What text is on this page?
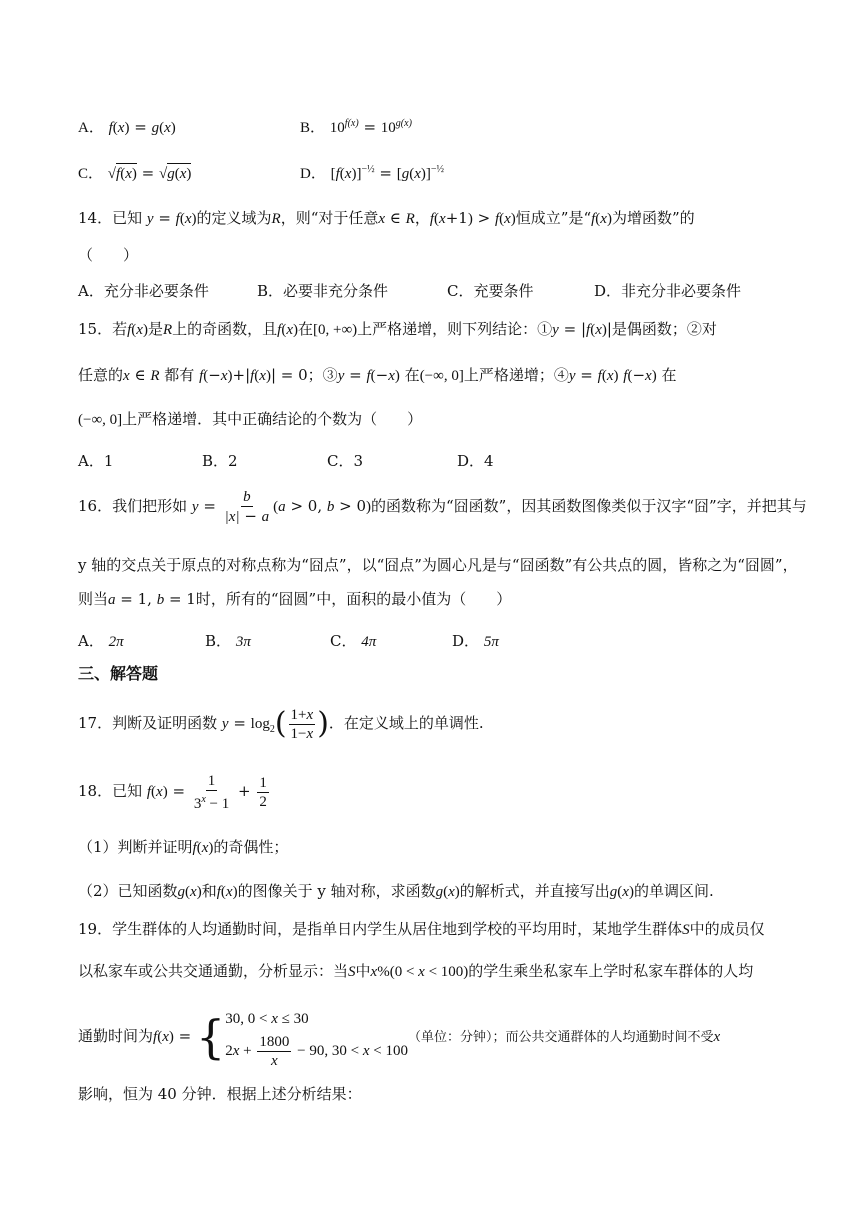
A． f(x) = g(x)	B． $10^{f(x)} = 10^{g(x)}$
C． √f(x) = √g(x)	D． $[f(x)]^{-\frac{1}{2}} = [g(x)]^{-\frac{1}{2}}$
14．已知 y = f(x)的定义域为R，则“对于任意x ∈ R，f(x+1) > f(x)恒成立”是“f(x)为增函数”的
（　　）
A．充分非必要条件	B．必要非充分条件	C．充要条件	D．非充分非必要条件
15．若f(x)是R上的奇函数，且f(x)在[0, +∞)上严格递增，则下列结论：①y = |f(x)|是偶函数；②对
任意的x ∈ R 都有 f(−x)+|f(x)| = 0；③y = f(−x) 在(−∞, 0]上严格递增；④y = f(x) f(−x) 在
(−∞, 0]上严格递增．其中正确结论的个数为（　　）
A．1	B．2	C．3	D．4
16．我们把形如 $y = \frac{b}{|x| - a} (a > 0$, b > 0)的函数称为“囧函数”，因其函数图像类似于汉字“囧”字，并把其与
y 轴的交点关于原点的对称点称为“囧点”，以“囧点”为圆心凡是与“囧函数”有公共点的圆，皆称之为“囧圆”，
则当a = 1, b = 1时，所有的“囧圆”中，面积的最小值为（　　）
A． 2π	B． 3π	C． 4π	D． 5π
三、解答题
17．判断及证明函数 $y = \log_2( \frac{1+x}{1-x}$ )．在定义域上的单调性.
18．已知 $f(x) = \frac{1}{3^x - 1} + \frac{1}{2}$
（1）判断并证明f(x)的奇偶性；
（2）已知函数g(x)和f(x)的图像关于 y 轴对称，求函数g(x)的解析式，并直接写出g(x)的单调区间.
19．学生群体的人均通勤时间，是指单日内学生从居住地到学校的平均用时，某地学生群体S中的成员仅
以私家车或公共交通通勤，分析显示：当S中x%(0 < x < 100)的学生乘坐私家车上学时私家车群体的人均
通勤时间为f(x) = { 30, 0 < x ≤ 30
$2x + \frac{1800}{x} - 90$, 30 < x < 100
（单位：分钟）；而公共交通群体的人均通勤时间不受x
影响，恒为 40 分钟．根据上述分析结果：
